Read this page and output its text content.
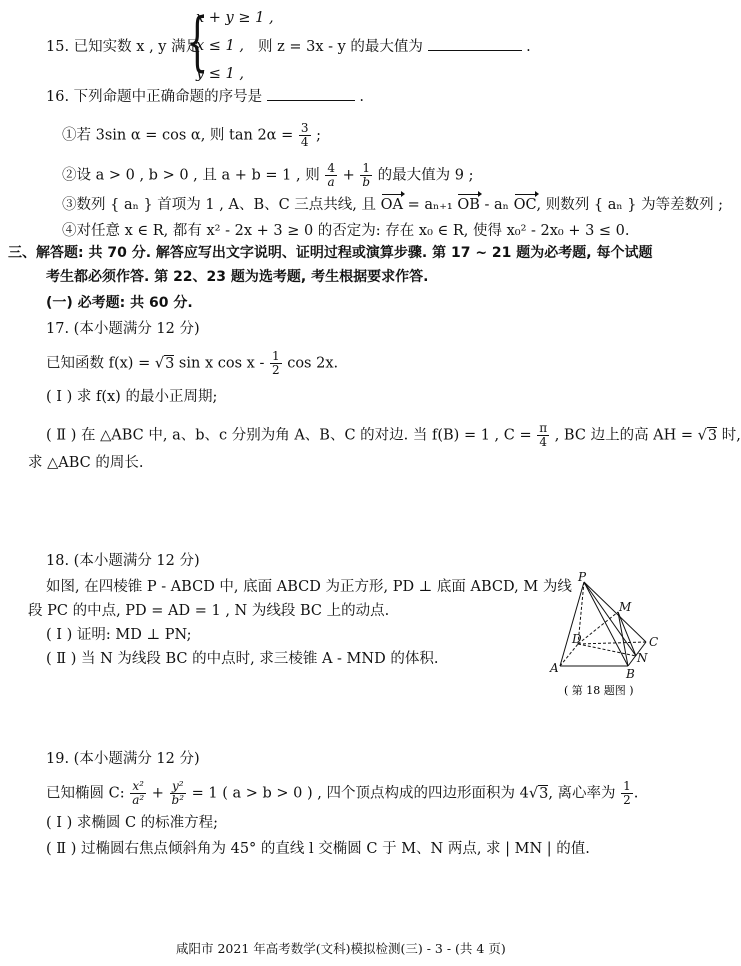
15. 已知实数 x , y 满足
{
x + y ≥ 1 ,
x ≤ 1 ,
y ≤ 1 ,
则 z = 3x - y 的最大值为	.
16. 下列命题中正确命题的序号是	.
①若 3sin α = cos α, 则 $\tan 2\alpha = \frac{3}{4}$ ;
②设 a > 0 , b > 0 , 且 a + b = 1 , 则 $\frac{4}{a} + \frac{1}{b}$ 的最大值为 9 ;
③数列 { aₙ } 首项为 1 , A、B、C 三点共线, 且 OA = aₙ₊₁ OB - aₙ OC, 则数列 { aₙ } 为等差数列 ;
④对任意 x ∈ R, 都有 x² - 2x + 3 ≥ 0 的否定为: 存在 x₀ ∈ R, 使得 x₀² - 2x₀ + 3 ≤ 0.
三、解答题: 共 70 分. 解答应写出文字说明、证明过程或演算步骤. 第 17 ~ 21 题为必考题, 每个试题
考生都必须作答. 第 22、23 题为选考题, 考生根据要求作答.
(一) 必考题: 共 60 分.
17. (本小题满分 12 分)
已知函数 f(x) = √3 sin x cos x - $\frac{1}{2}$ cos 2x.
( Ⅰ ) 求 f(x) 的最小正周期;
( Ⅱ ) 在 △ABC 中, a、b、c 分别为角 A、B、C 的对边. 当 f(B) = 1 , $C = \frac{\pi}{4}$ , BC 边上的高 AH = √3 时,
求 △ABC 的周长.
18. (本小题满分 12 分)
如图, 在四棱锥 P - ABCD 中, 底面 ABCD 为正方形, PD ⊥ 底面 ABCD, M 为线
段 PC 的中点, PD = AD = 1 , N 为线段 BC 上的动点.
( Ⅰ ) 证明: MD ⊥ PN;
( Ⅱ ) 当 N 为线段 BC 的中点时, 求三棱锥 A - MND 的体积.
P
M
D	C
N
A	B
( 第 18 题图 )
19. (本小题满分 12 分)
已知椭圆 C: $\frac{\text{x²}}{\text{a²}} + \frac{\text{y²}}{\text{b²}} = 1$ ( a > b > 0 ) , 四个顶点构成的四边形面积为 4√3, 离心率为 $\frac{1}{2}$ .
( Ⅰ ) 求椭圆 C 的标准方程;
( Ⅱ ) 过椭圆右焦点倾斜角为 45° 的直线 l 交椭圆 C 于 M、N 两点, 求 | MN | 的值.
咸阳市 2021 年高考数学(文科)模拟检测(三) - 3 - (共 4 页)
